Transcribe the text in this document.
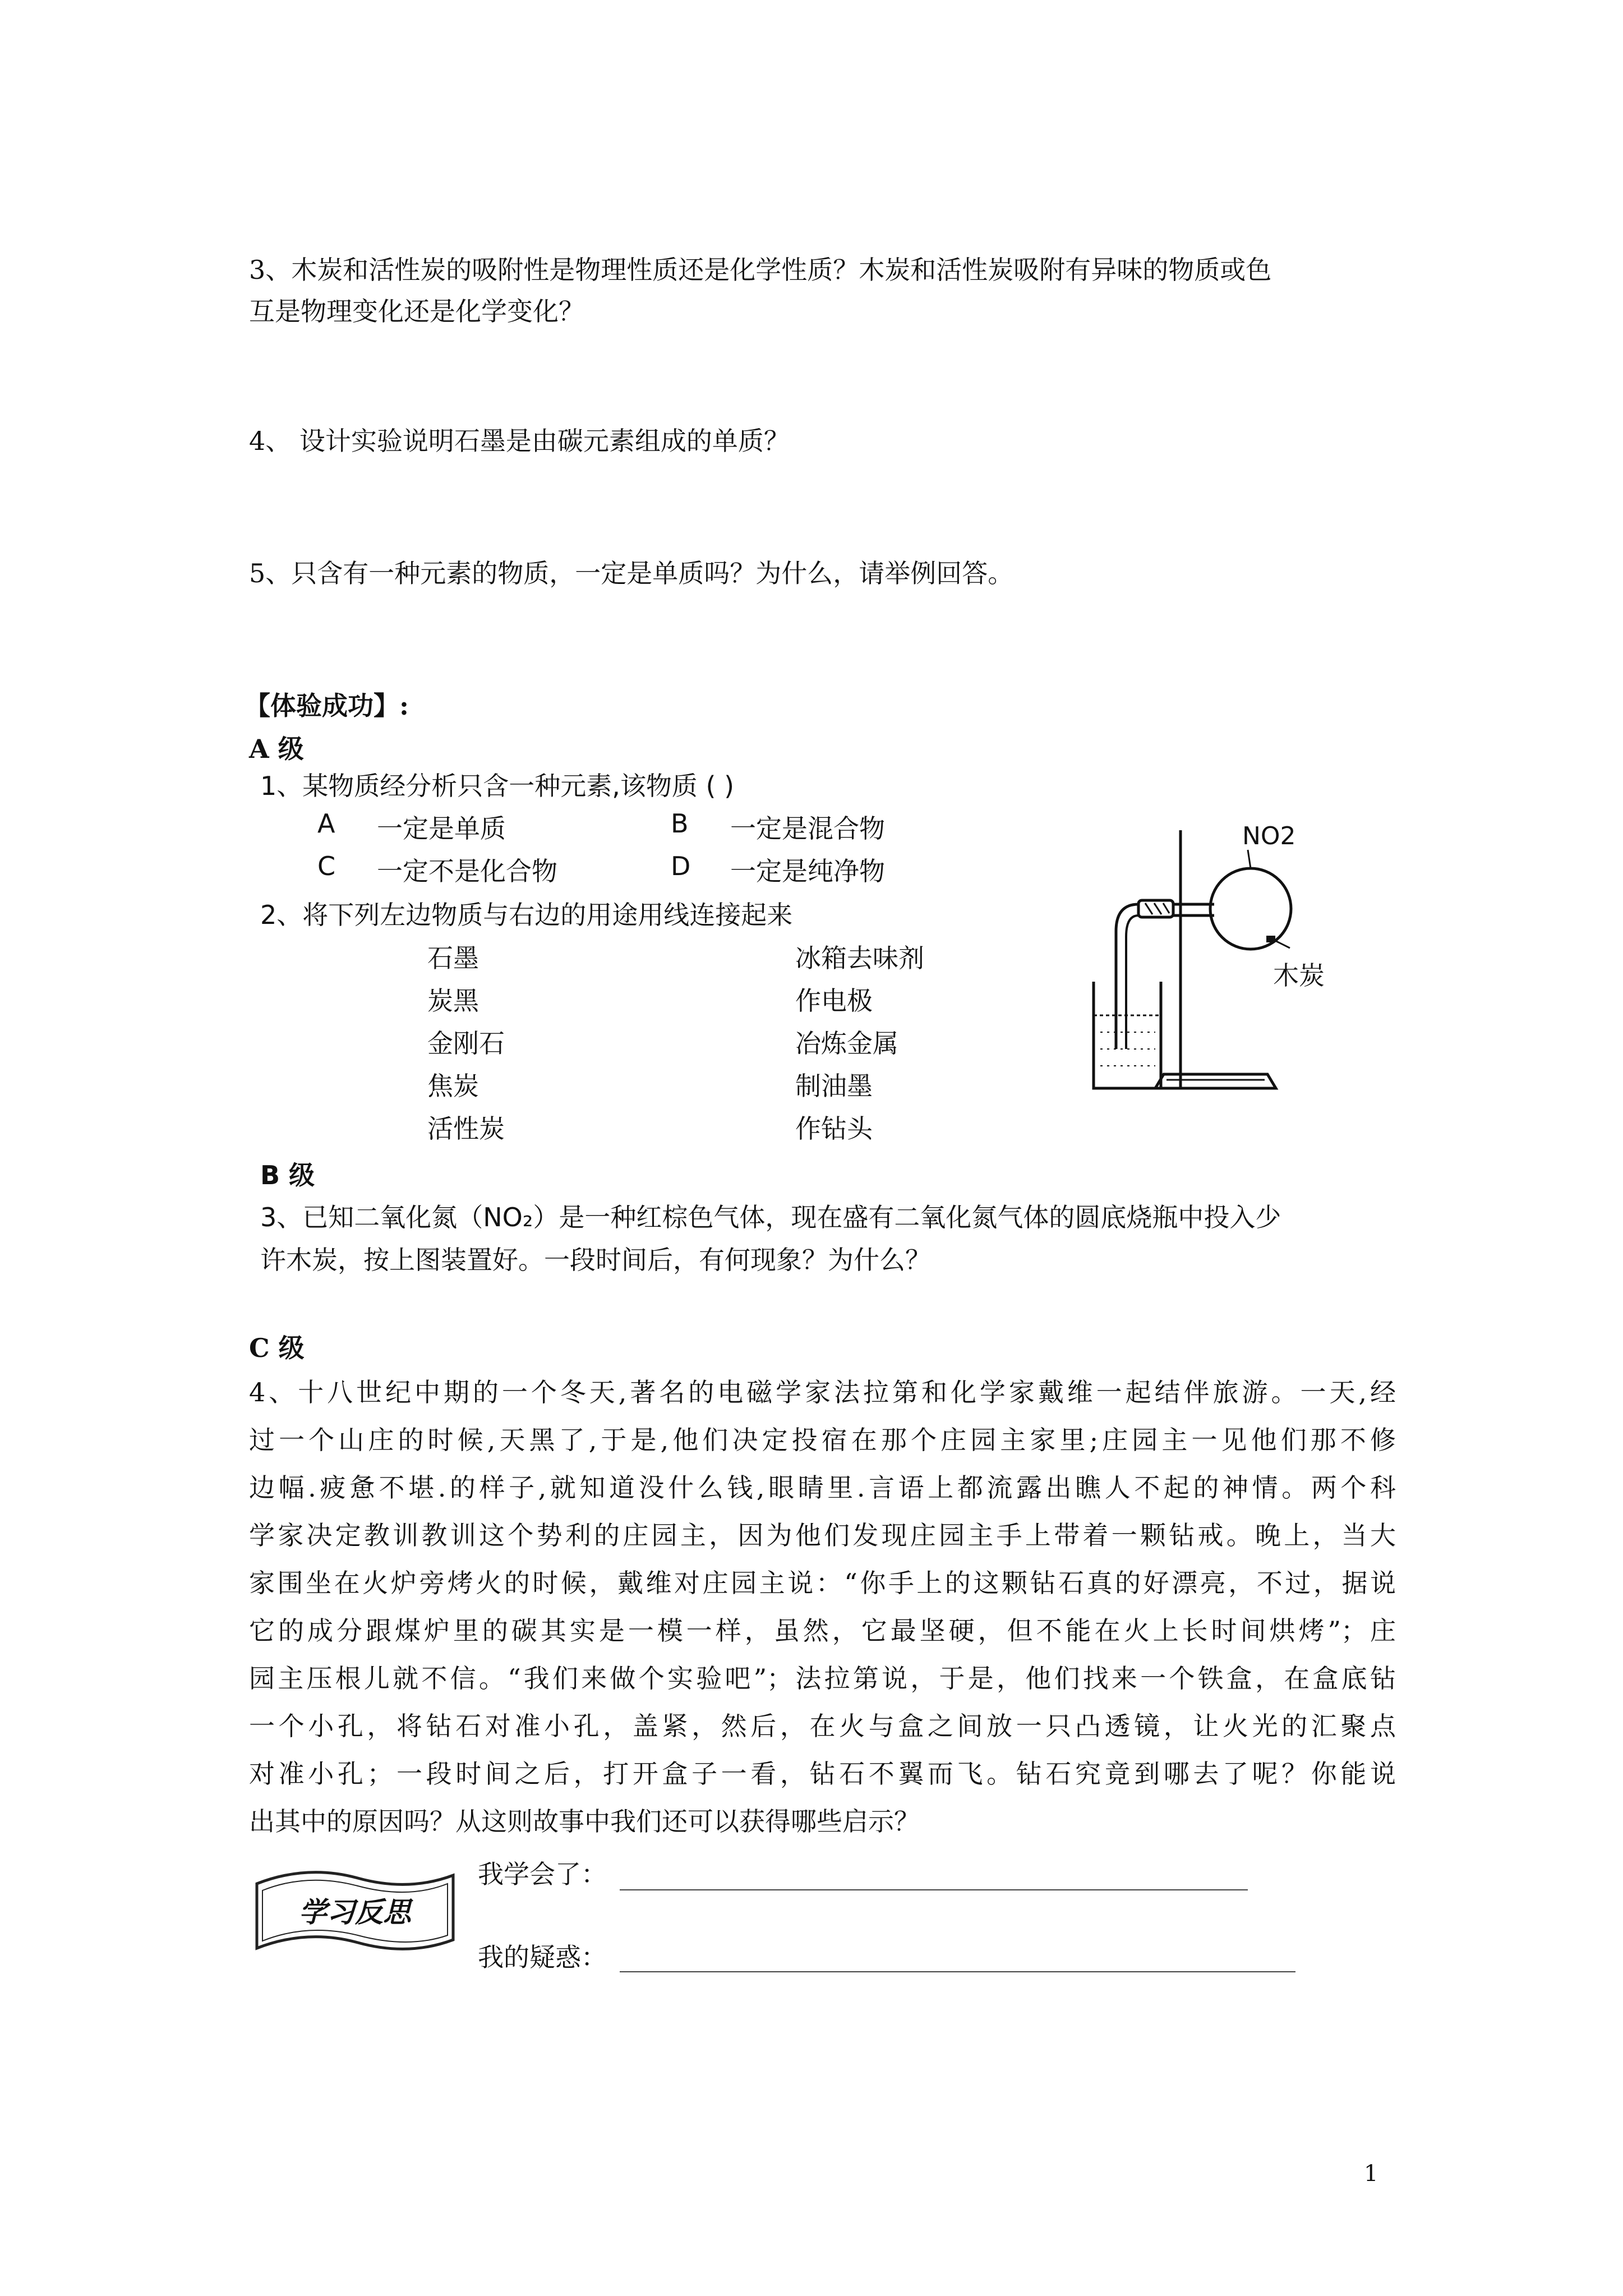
3、木炭和活性炭的吸附性是物理性质还是化学性质？木炭和活性炭吸附有异味的物质或色
互是物理变化还是化学变化？
4、 设计实验说明石墨是由碳元素组成的单质？
5、只含有一种元素的物质，一定是单质吗？为什么，请举例回答。
【体验成功】:
A 级
1、某物质经分析只含一种元素,该物质 ( )
A 一定是单质	B 一定是混合物
C 一定不是化合物	D 一定是纯净物
2、将下列左边物质与右边的用途用线连接起来
石墨
炭黑
金刚石
焦炭
活性炭
冰箱去味剂
作电极
冶炼金属
制油墨
作钻头
NO2
木炭
B 级
3、已知二氧化氮（NO₂）是一种红棕色气体，现在盛有二氧化氮气体的圆底烧瓶中投入少
许木炭，按上图装置好。一段时间后，有何现象？为什么？
C 级
4、十八世纪中期的一个冬天,著名的电磁学家法拉第和化学家戴维一起结伴旅游。一天,经
过一个山庄的时候,天黑了,于是,他们决定投宿在那个庄园主家里;庄园主一见他们那不修
边幅.疲惫不堪.的样子,就知道没什么钱,眼睛里.言语上都流露出瞧人不起的神情。两个科
学家决定教训教训这个势利的庄园主，因为他们发现庄园主手上带着一颗钻戒。晚上，当大
家围坐在火炉旁烤火的时候，戴维对庄园主说：“你手上的这颗钻石真的好漂亮，不过，据说
它的成分跟煤炉里的碳其实是一模一样，虽然，它最坚硬，但不能在火上长时间烘烤”；庄
园主压根儿就不信。“我们来做个实验吧”；法拉第说，于是，他们找来一个铁盒，在盒底钻
一个小孔，将钻石对准小孔，盖紧，然后，在火与盒之间放一只凸透镜，让火光的汇聚点
对准小孔；一段时间之后，打开盒子一看，钻石不翼而飞。钻石究竟到哪去了呢？你能说
出其中的原因吗？从这则故事中我们还可以获得哪些启示？
学习反思
我学会了：
我的疑惑：
1
